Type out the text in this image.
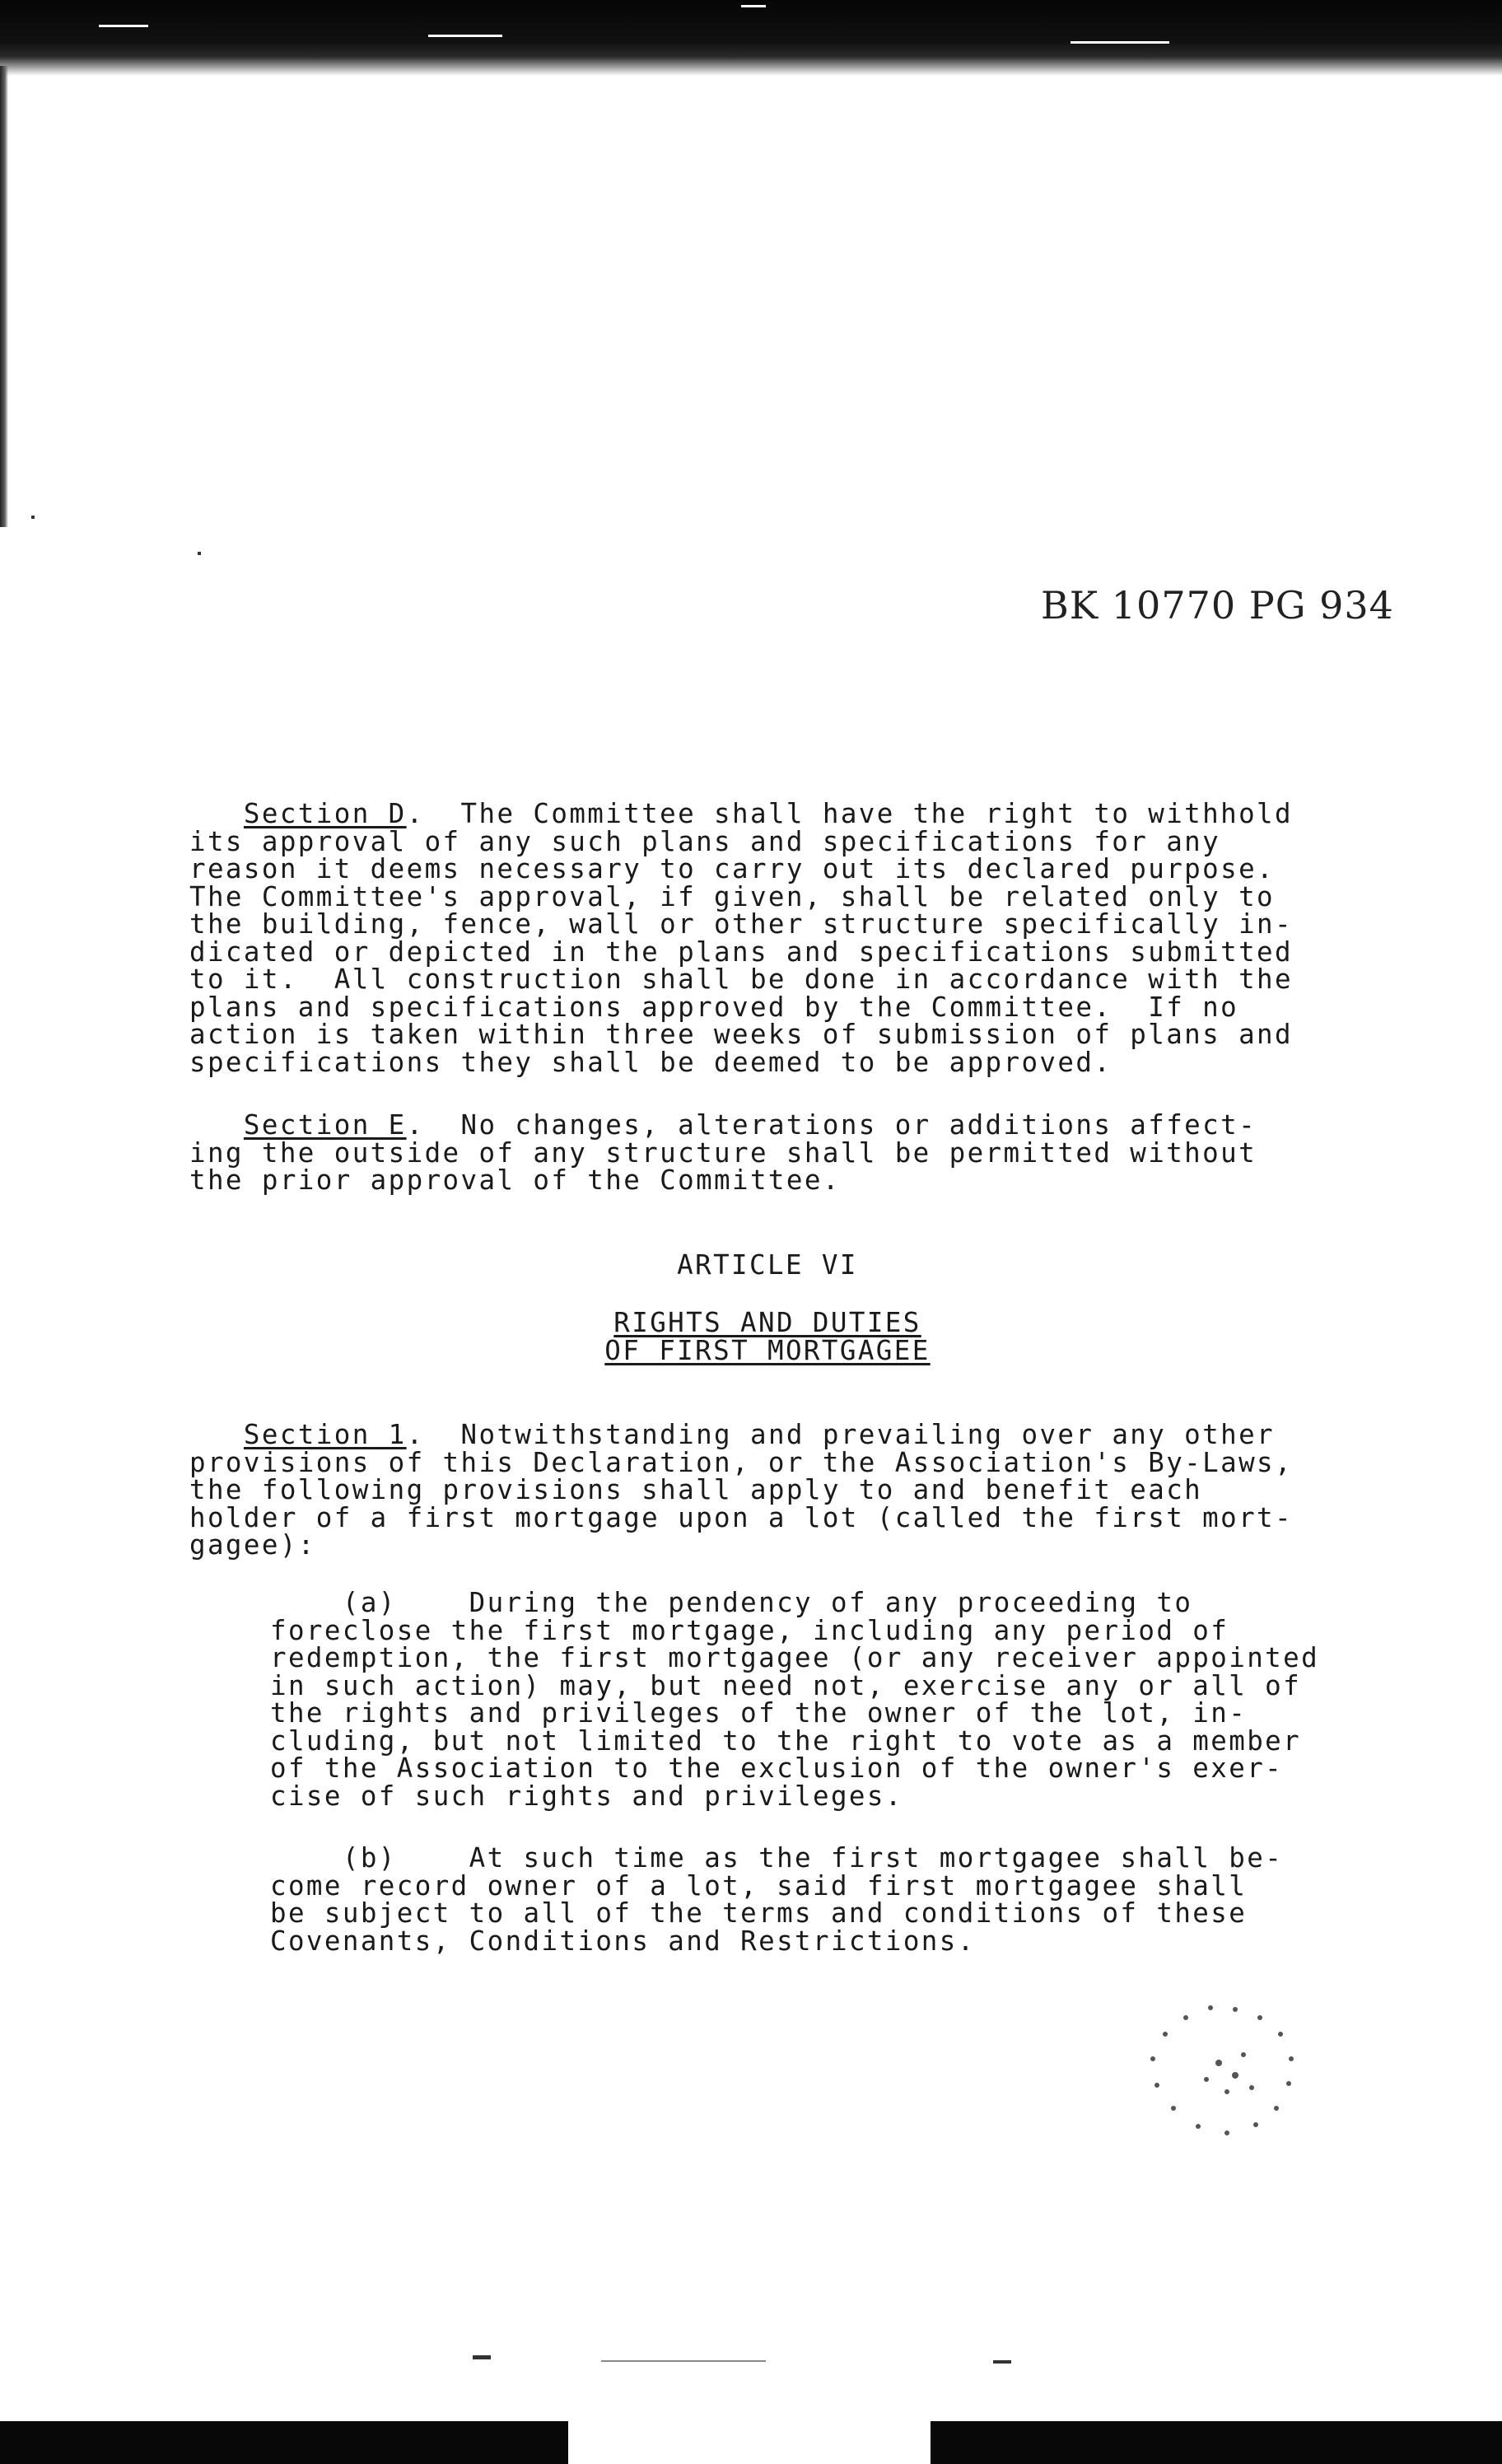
BK 10770 PG 934
Section D.  The Committee shall have the right to withhold
its approval of any such plans and specifications for any
reason it deems necessary to carry out its declared purpose.
The Committee's approval, if given, shall be related only to
the building, fence, wall or other structure specifically in-
dicated or depicted in the plans and specifications submitted
to it.  All construction shall be done in accordance with the
plans and specifications approved by the Committee.  If no
action is taken within three weeks of submission of plans and
specifications they shall be deemed to be approved.
Section E.  No changes, alterations or additions affect-
ing the outside of any structure shall be permitted without
the prior approval of the Committee.
ARTICLE VI
RIGHTS AND DUTIES
OF FIRST MORTGAGEE
Section 1.  Notwithstanding and prevailing over any other
provisions of this Declaration, or the Association's By-Laws,
the following provisions shall apply to and benefit each
holder of a first mortgage upon a lot (called the first mort-
gagee):
(a)	During the pendency of any proceeding to
foreclose the first mortgage, including any period of
redemption, the first mortgagee (or any receiver appointed
in such action) may, but need not, exercise any or all of
the rights and privileges of the owner of the lot, in-
cluding, but not limited to the right to vote as a member
of the Association to the exclusion of the owner's exer-
cise of such rights and privileges.
(b)	At such time as the first mortgagee shall be-
come record owner of a lot, said first mortgagee shall
be subject to all of the terms and conditions of these
Covenants, Conditions and Restrictions.
